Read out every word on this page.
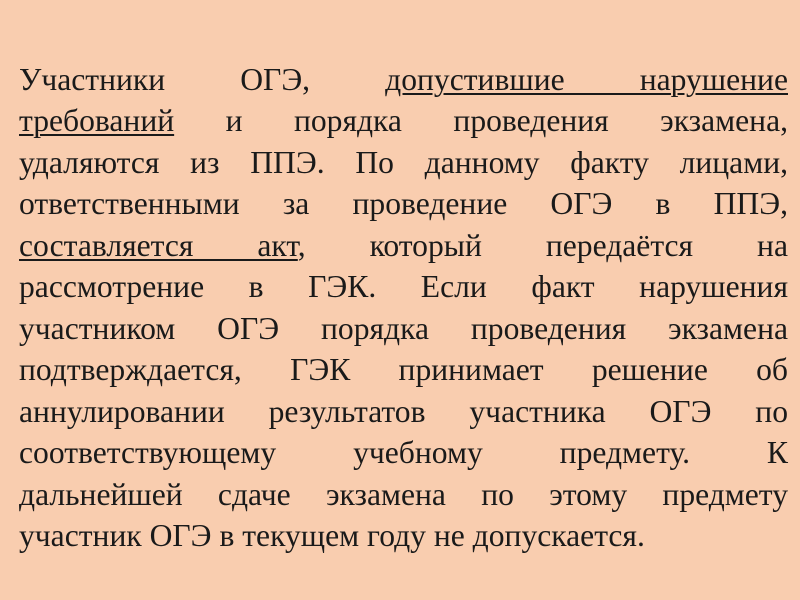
Участники ОГЭ, допустившие нарушение
требований и порядка проведения экзамена,
удаляются из ППЭ. По данному факту лицами,
ответственными за проведение ОГЭ в ППЭ,
составляется акт, который передаётся на
рассмотрение в ГЭК. Если факт нарушения
участником ОГЭ порядка проведения экзамена
подтверждается, ГЭК принимает решение об
аннулировании результатов участника ОГЭ по
соответствующему учебному предмету. К
дальнейшей сдаче экзамена по этому предмету
участник ОГЭ в текущем году не допускается.
